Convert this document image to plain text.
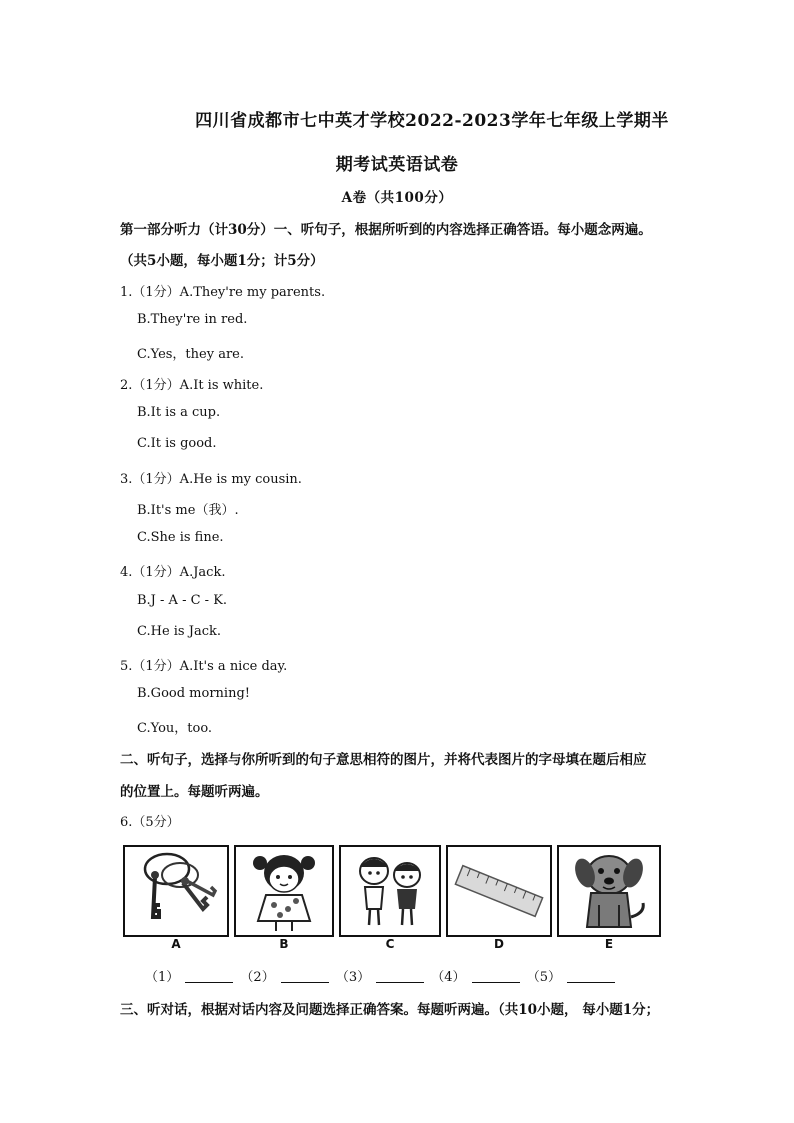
四川省成都市七中英才学校2022-2023学年七年级上学期半
期考试英语试卷
A卷（共100分）
第一部分听力（计30分）一、听句子，根据所听到的内容选择正确答语。每小题念两遍。
（共5小题，每小题1分；计5分）
1.（1分）A.They're my parents.
B.They're in red.
C.Yes，they are.
2.（1分）A.It is white.
B.It is a cup.
C.It is good.
3.（1分）A.He is my cousin.
B.It's me（我）.
C.She is fine.
4.（1分）A.Jack.
B.J - A - C - K.
C.He is Jack.
5.（1分）A.It's a nice day.
B.Good morning!
C.You，too.
二、听句子，选择与你所听到的句子意思相符的图片，并将代表图片的字母填在题后相应
的位置上。每题听两遍。
6.（5分）
A	B	C	D	E
（1）	（2）	（3）	（4）	（5）
三、听对话，根据对话内容及问题选择正确答案。每题听两遍。（共10小题， 每小题1分；
